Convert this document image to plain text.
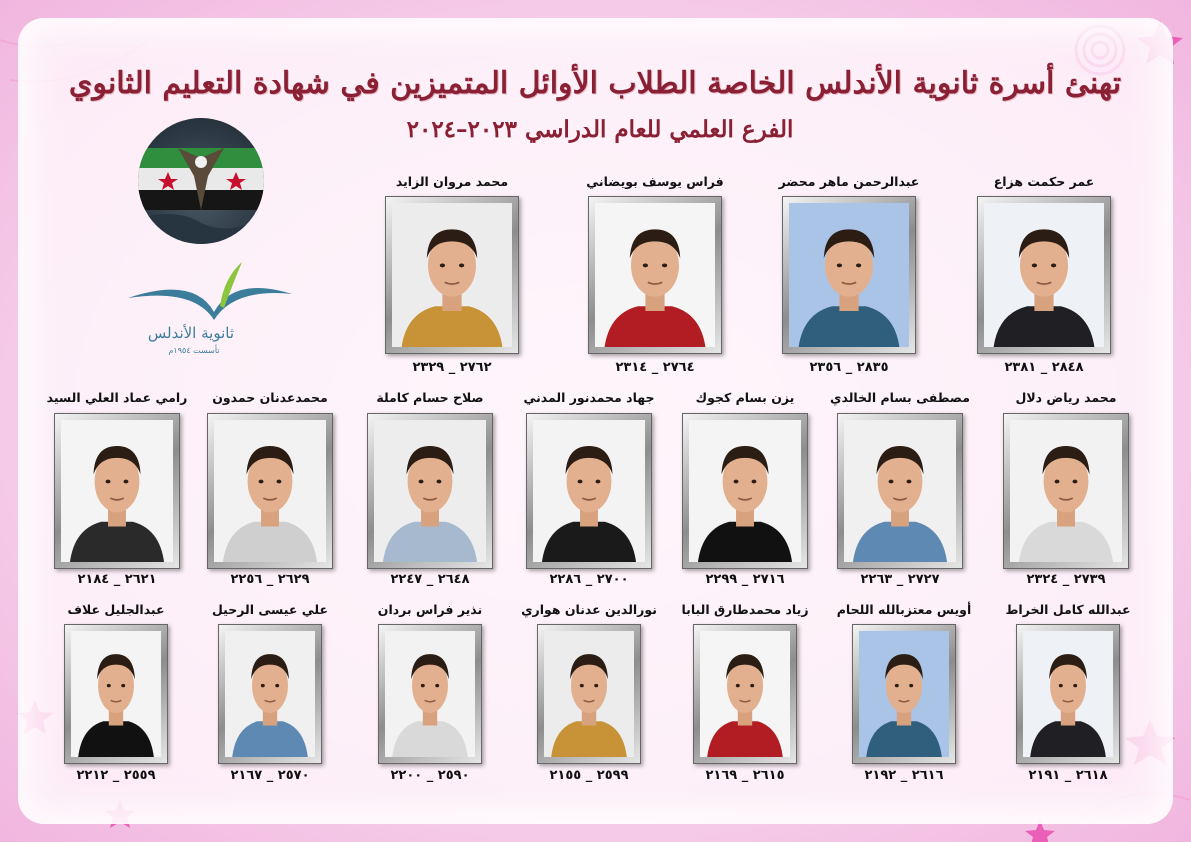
تهنئ أسرة ثانوية الأندلس الخاصة الطلاب الأوائل المتميزين في شهادة التعليم الثانوي
الفرع العلمي للعام الدراسي ٢٠٢٣–٢٠٢٤
ثانوية الأندلس
تأسست ١٩٥٤م
عمر حكمت هزاع
٢٨٤٨ _ ٢٣٨١
عبدالرحمن ماهر محضر
٢٨٣٥ _ ٢٣٥٦
فراس يوسف بويضاني
٢٧٦٤ _ ٢٣١٤
محمد مروان الزايد
٢٧٦٢ _ ٢٣٢٩
محمد رياض دلال
٢٧٣٩ _ ٢٣٢٤
مصطفى بسام الخالدي
٢٧٢٧ _ ٢٢٦٣
يزن بسام كجوك
٢٧١٦ _ ٢٢٩٩
جهاد محمدنور المدني
٢٧٠٠ _ ٢٢٨٦
صلاح حسام كاملة
٢٦٤٨ _ ٢٢٤٧
محمدعدنان حمدون
٢٦٢٩ _ ٢٢٥٦
رامي عماد العلي السيد
٢٦٢١ _ ٢١٨٤
عبدالله كامل الخراط
٢٦١٨ _ ٢١٩١
أويس معتزبالله اللحام
٢٦١٦ _ ٢١٩٢
زياد محمدطارق البابا
٢٦١٥ _ ٢١٦٩
نورالدين عدنان هواري
٢٥٩٩ _ ٢١٥٥
نذير فراس بردان
٢٥٩٠ _ ٢٢٠٠
علي عيسى الرحيل
٢٥٧٠ _ ٢١٦٧
عبدالجليل علاف
٢٥٥٩ _ ٢٢١٢
